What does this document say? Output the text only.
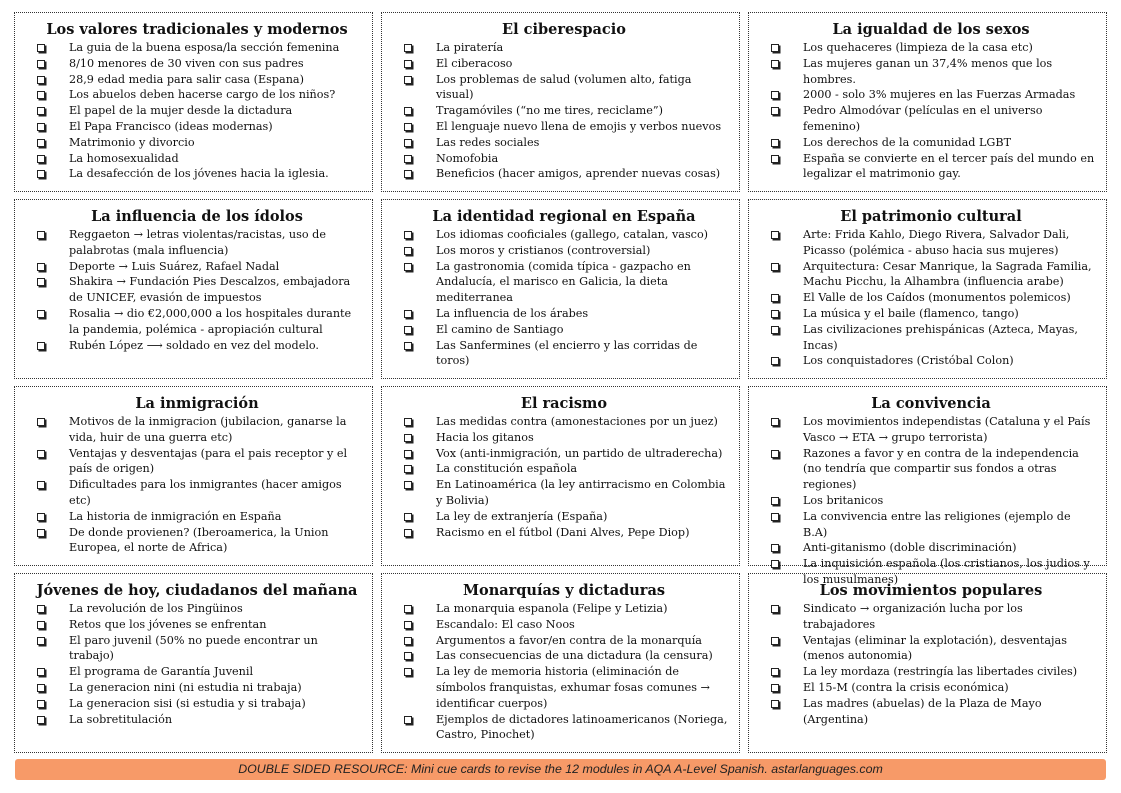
Los valores tradicionales y modernos
La guia de la buena esposa/la sección femenina
8/10 menores de 30 viven con sus padres
28,9 edad media para salir casa (Espana)
Los abuelos deben hacerse cargo de los niños?
El papel de la mujer desde la dictadura
El Papa Francisco (ideas modernas)
Matrimonio y divorcio
La homosexualidad
La desafección de los jóvenes hacia la iglesia.
El ciberespacio
La piratería
El ciberacoso
Los problemas de salud (volumen alto, fatiga visual)
Tragamóviles (“no me tires, reciclame”)
El lenguaje nuevo llena de emojis y verbos nuevos
Las redes sociales
Nomofobia
Beneficios (hacer amigos, aprender nuevas cosas)
La igualdad de los sexos
Los quehaceres (limpieza de la casa etc)
Las mujeres ganan un 37,4% menos que los hombres.
2000 - solo 3% mujeres en las Fuerzas Armadas
Pedro Almodóvar (películas en el universo femenino)
Los derechos de la comunidad LGBT
España se convierte en el tercer país del mundo en legalizar el matrimonio gay.
La influencia de los ídolos
Reggaeton → letras violentas/racistas, uso de palabrotas (mala influencia)
Deporte → Luis Suárez, Rafael Nadal
Shakira → Fundación Pies Descalzos, embajadora de UNICEF, evasión de impuestos
Rosalia → dio €2,000,000 a los hospitales durante la pandemia, polémica - apropiación cultural
Rubén López ⟶ soldado en vez del modelo.
La identidad regional en España
Los idiomas cooficiales (gallego, catalan, vasco)
Los moros y cristianos (controversial)
La gastronomia (comida típica - gazpacho en Andalucía, el marisco en Galicia, la dieta mediterranea
La influencia de los árabes
El camino de Santiago
Las Sanfermines (el encierro y las corridas de toros)
El patrimonio cultural
Arte: Frida Kahlo, Diego Rivera, Salvador Dali, Picasso (polémica - abuso hacia sus mujeres)
Arquitectura: Cesar Manrique, la Sagrada Familia, Machu Picchu, la Alhambra (influencia arabe)
El Valle de los Caídos (monumentos polemicos)
La música y el baile (flamenco, tango)
Las civilizaciones prehispánicas (Azteca, Mayas, Incas)
Los conquistadores (Cristóbal Colon)
La inmigración
Motivos de la inmigracion (jubilacion, ganarse la vida, huir de una guerra etc)
Ventajas y desventajas (para el pais receptor y el país de origen)
Dificultades para los inmigrantes (hacer amigos etc)
La historia de inmigración en España
De donde provienen? (Iberoamerica, la Union Europea, el norte de Africa)
El racismo
Las medidas contra (amonestaciones por un juez)
Hacia los gitanos
Vox (anti-inmigración, un partido de ultraderecha)
La constitución española
En Latinoamérica (la ley antirracismo en Colombia y Bolivia)
La ley de extranjería (España)
Racismo en el fútbol (Dani Alves, Pepe Diop)
La convivencia
Los movimientos independistas (Cataluna y el País Vasco → ETA → grupo terrorista)
Razones a favor y en contra de la independencia (no tendría que compartir sus fondos a otras regiones)
Los britanicos
La convivencia entre las religiones (ejemplo de B.A)
Anti-gitanismo (doble discriminación)
La inquisición española (los cristianos, los judios y los musulmanes)
Jóvenes de hoy, ciudadanos del mañana
La revolución de los Pingüinos
Retos que los jóvenes se enfrentan
El paro juvenil (50% no puede encontrar un trabajo)
El programa de Garantía Juvenil
La generacion nini (ni estudia ni trabaja)
La generacion sisi (si estudia y si trabaja)
La sobretitulación
Monarquías y dictaduras
La monarquia espanola (Felipe y Letizia)
Escandalo: El caso Noos
Argumentos a favor/en contra de la monarquía
Las consecuencias de una dictadura (la censura)
La ley de memoria historia (eliminación de símbolos franquistas, exhumar fosas comunes → identificar cuerpos)
Ejemplos de dictadores latinoamericanos (Noriega, Castro, Pinochet)
Los movimientos populares
Sindicato → organización lucha por los trabajadores
Ventajas (eliminar la explotación), desventajas (menos autonomia)
La ley mordaza (restringía las libertades civiles)
El 15-M (contra la crisis económica)
Las madres (abuelas) de la Plaza de Mayo (Argentina)
DOUBLE SIDED RESOURCE: Mini cue cards to revise the 12 modules in AQA A-Level Spanish. astarlanguages.com
